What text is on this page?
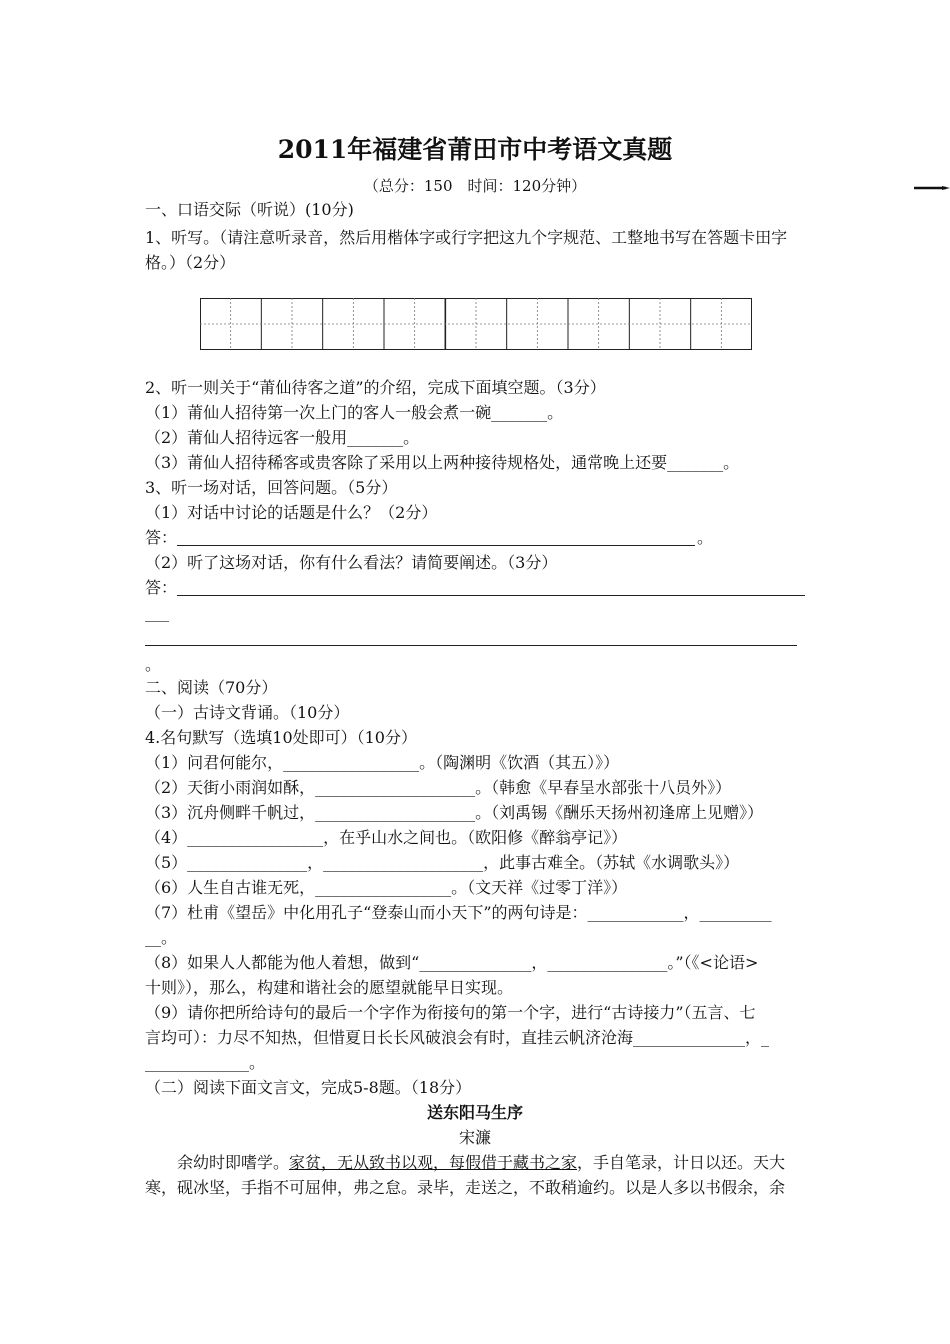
2011年福建省莆田市中考语文真题
（总分：150　时间：120分钟）
一、口语交际（听说）(10分)
1、听写。（请注意听录音，然后用楷体字或行字把这九个字规范、工整地书写在答题卡田字
格。）（2分）
2、听一则关于“莆仙待客之道”的介绍，完成下面填空题。（3分）
（1）莆仙人招待第一次上门的客人一般会煮一碗_______。
（2）莆仙人招待远客一般用_______。
（3）莆仙人招待稀客或贵客除了采用以上两种接待规格处，通常晚上还要_______。
3、听一场对话，回答问题。（5分）
（1）对话中讨论的话题是什么？（2分）
答：	。
（2）听了这场对话，你有什么看法？请简要阐述。（3分）
答：
___
。
二、阅读（70分）
（一）古诗文背诵。（10分）
4.名句默写（选填10处即可）（10分）
（1）问君何能尔，_________________。（陶渊明《饮酒（其五）》）
（2）天街小雨润如酥，____________________。（韩愈《早春呈水部张十八员外》）
（3）沉舟侧畔千帆过，____________________。（刘禹锡《酬乐天扬州初逢席上见赠》）
（4）_________________，在乎山水之间也。（欧阳修《醉翁亭记》）
（5）_______________，____________________，此事古难全。（苏轼《水调歌头》）
（6）人生自古谁无死，_________________。（文天祥《过零丁洋》）
（7）杜甫《望岳》中化用孔子“登泰山而小天下”的两句诗是：____________，_________
__。
（8）如果人人都能为他人着想，做到“______________，_______________。”（《<论语>
十则》），那么，构建和谐社会的愿望就能早日实现。
（9）请你把所给诗句的最后一个字作为衔接句的第一个字，进行“古诗接力”（五言、七
言均可）：力尽不知热，但惜夏日长长风破浪会有时，直挂云帆济沧海______________，_
_____________。
（二）阅读下面文言文，完成5-8题。（18分）
送东阳马生序
宋濂
　　余幼时即嗜学。家贫，无从致书以观，每假借于藏书之家，手自笔录，计日以还。天大
寒，砚冰坚，手指不可屈伸，弗之怠。录毕，走送之，不敢稍逾约。以是人多以书假余，余
